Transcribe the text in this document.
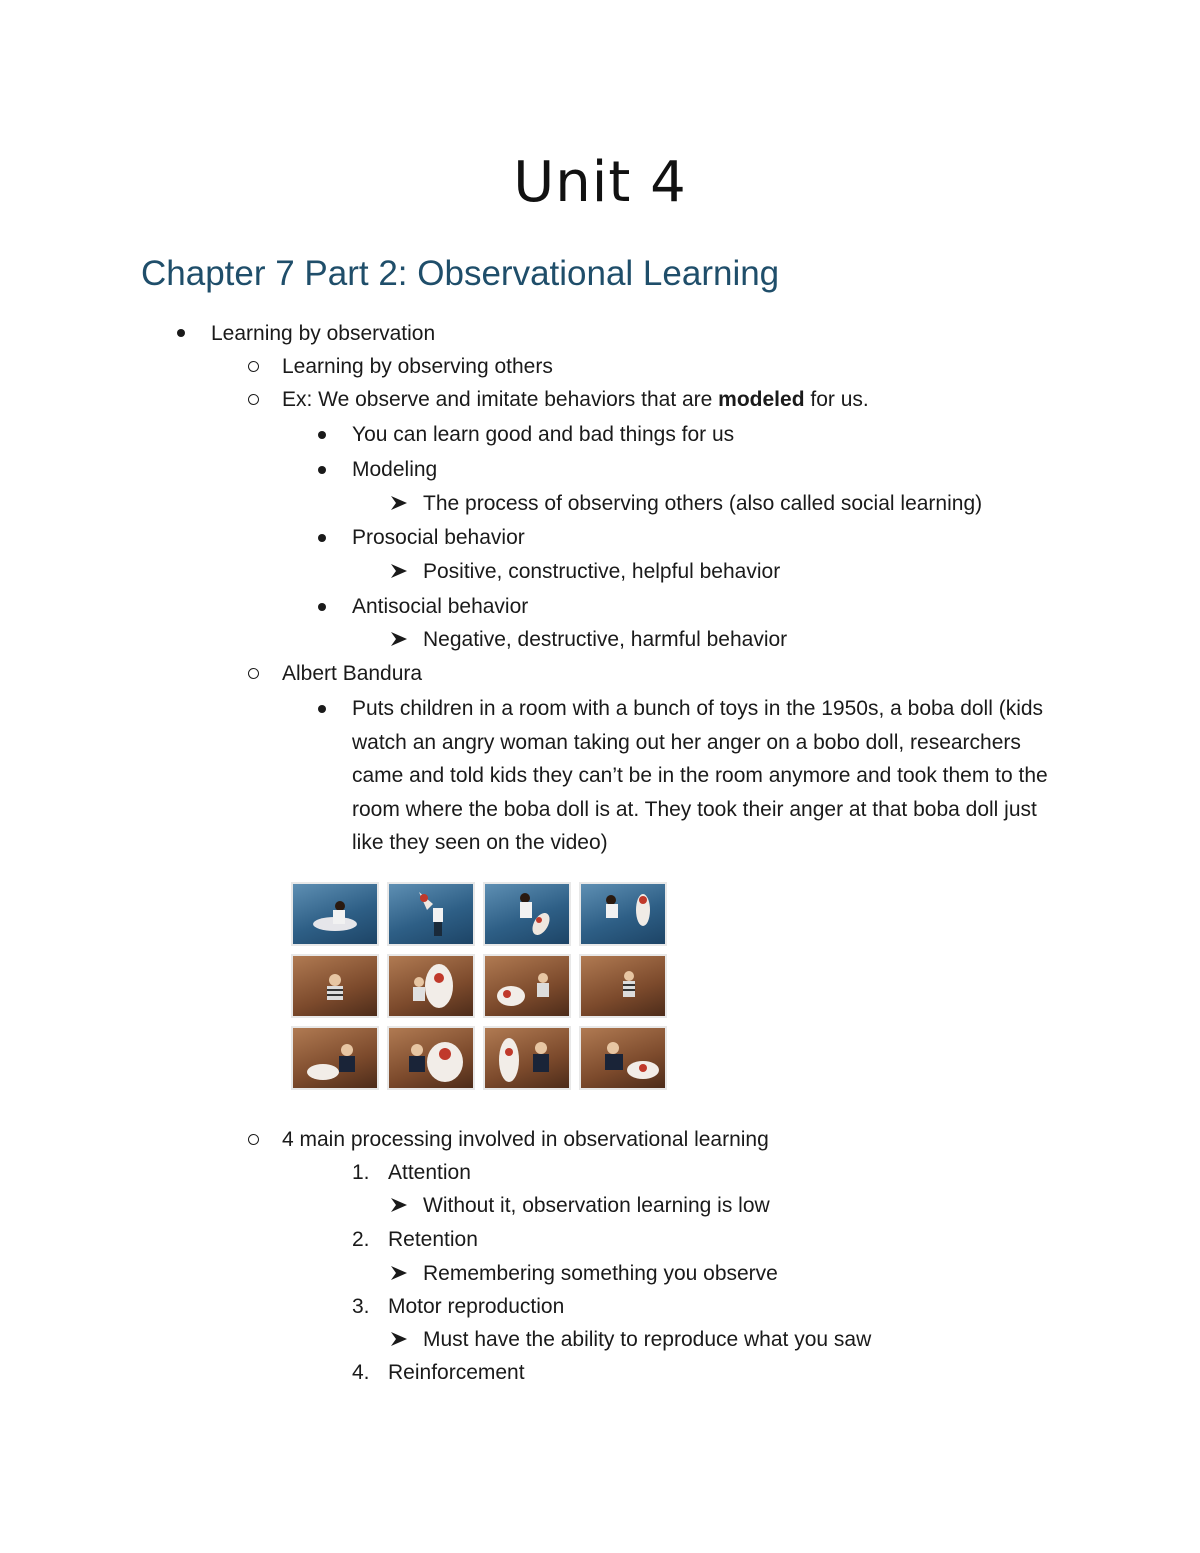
Unit 4
Chapter 7 Part 2: Observational Learning
Learning by observation
Learning by observing others
Ex: We observe and imitate behaviors that are modeled for us.
You can learn good and bad things for us
Modeling
The process of observing others (also called social learning)
Prosocial behavior
Positive, constructive, helpful behavior
Antisocial behavior
Negative, destructive, harmful behavior
Albert Bandura
Puts children in a room with a bunch of toys in the 1950s, a boba doll (kids watch an angry woman taking out her anger on a bobo doll, researchers came and told kids they can’t be in the room anymore and took them to the room where the boba doll is at. They took their anger at that boba doll just like they seen on the video)
4 main processing involved in observational learning
1. Attention
Without it, observation learning is low
2. Retention
Remembering something you observe
3. Motor reproduction
Must have the ability to reproduce what you saw
4. Reinforcement
